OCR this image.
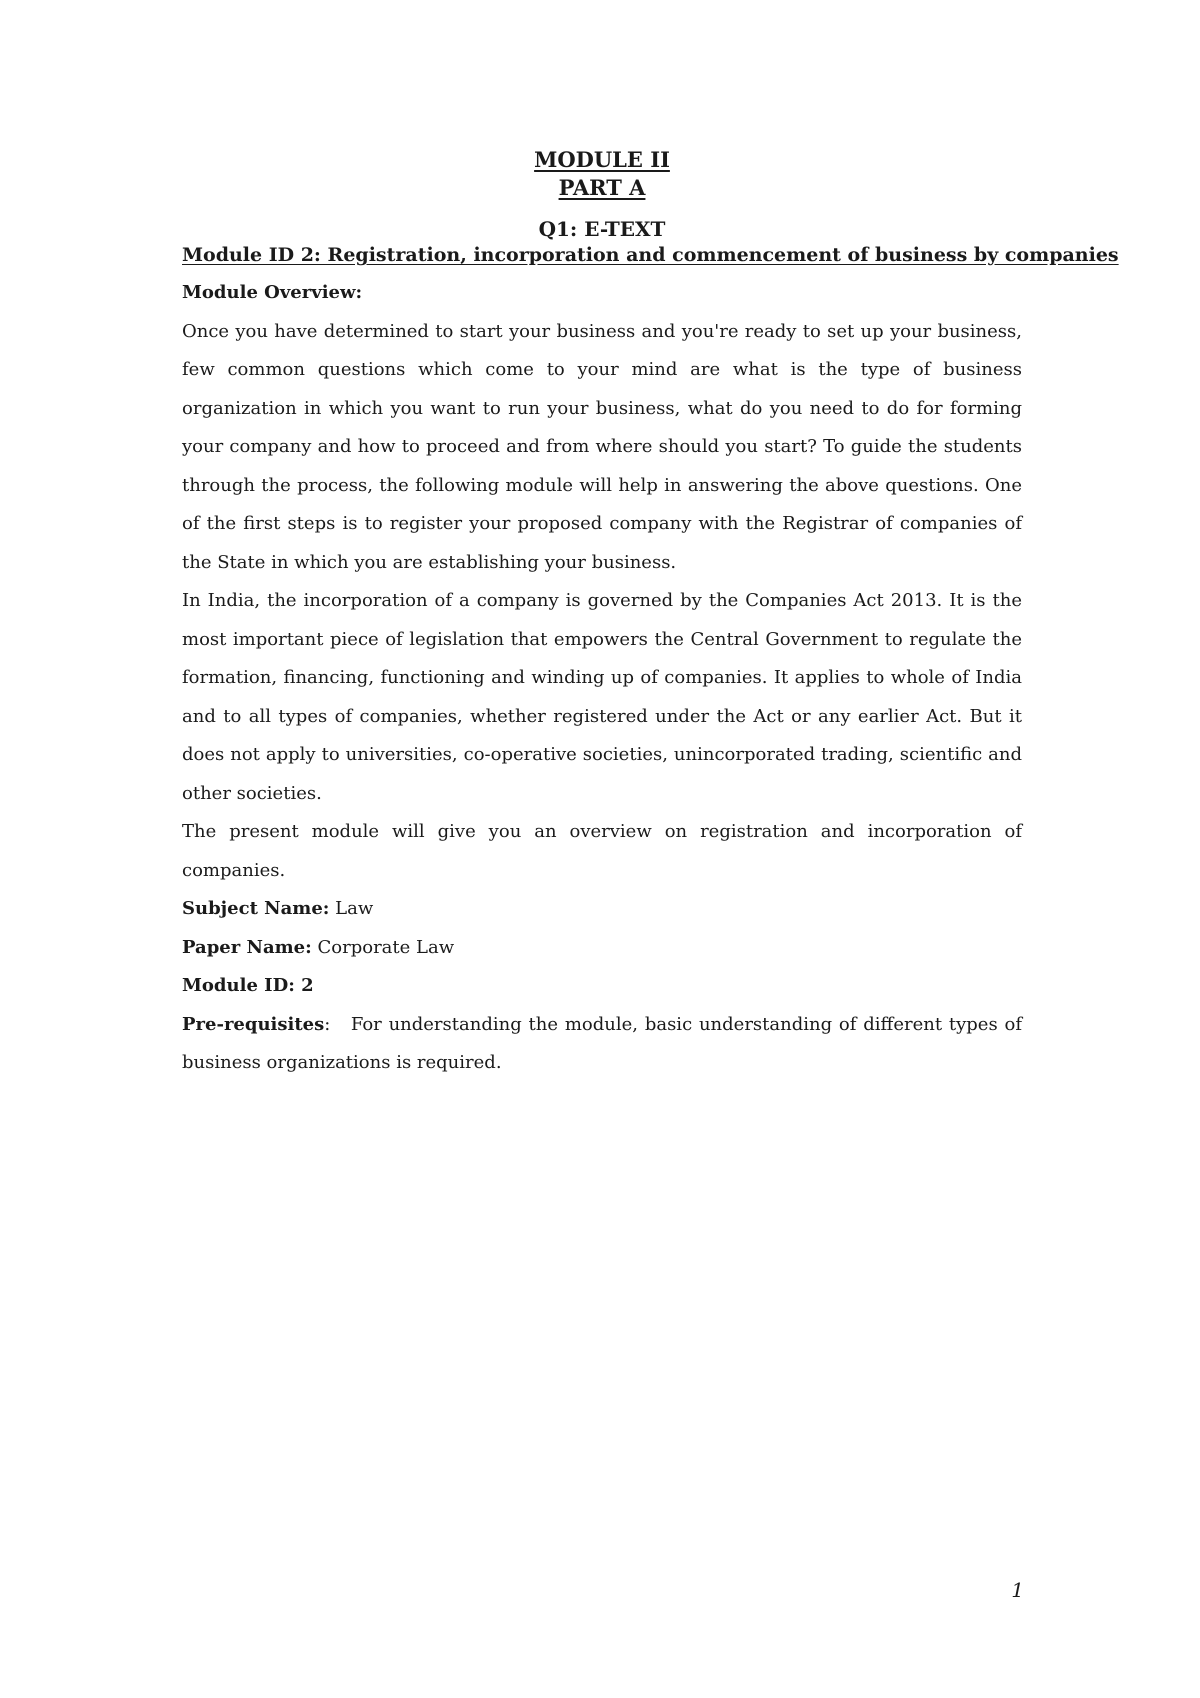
MODULE II
PART A
Q1: E-TEXT
Module ID 2: Registration, incorporation and commencement of business by companies
Module Overview:

Once you have determined to start your business and you're ready to set up your business, few common questions which come to your mind are what is the type of business organization in which you want to run your business, what do you need to do for forming your company and how to proceed and from where should you start? To guide the students through the process, the following module will help in answering the above questions. One of the first steps is to register your proposed company with the Registrar of companies of the State in which you are establishing your business.

In India, the incorporation of a company is governed by the Companies Act 2013. It is the most important piece of legislation that empowers the Central Government to regulate the formation, financing, functioning and winding up of companies. It applies to whole of India and to all types of companies, whether registered under the Act or any earlier Act. But it does not apply to universities, co-operative societies, unincorporated trading, scientific and other societies.

The present module will give you an overview on registration and incorporation of companies.

Subject Name: Law
Paper Name: Corporate Law
Module ID: 2

Pre-requisites: For understanding the module, basic understanding of different types of business organizations is required.

1
